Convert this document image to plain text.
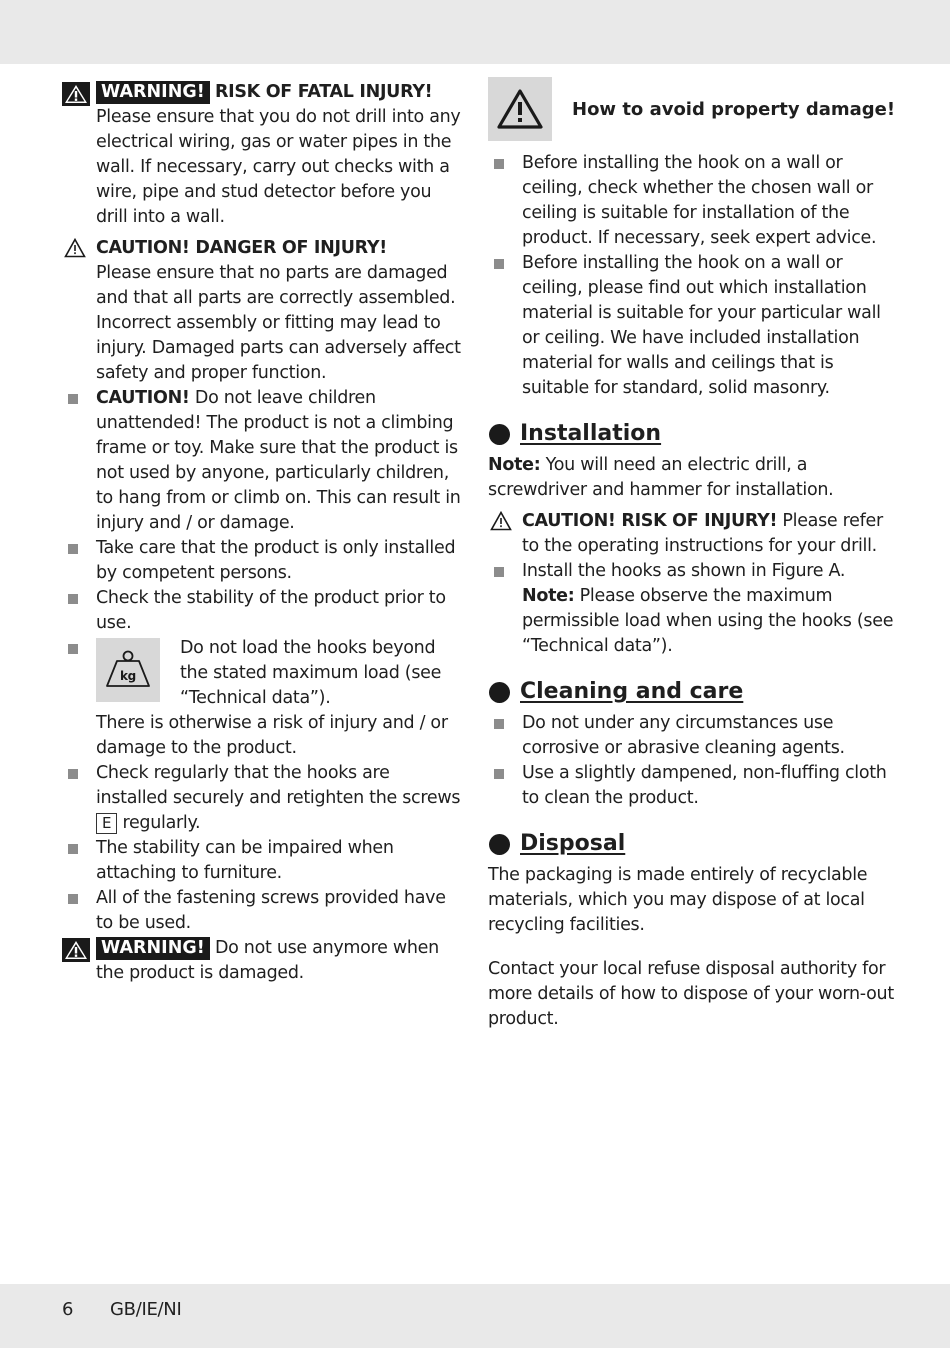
WARNING! RISK OF FATAL INJURY!
Please ensure that you do not drill into any electrical wiring, gas or water pipes in the wall. If necessary, carry out checks with a wire, pipe and stud detector before you drill into a wall.
CAUTION! DANGER OF INJURY!
Please ensure that no parts are damaged and that all parts are correctly assembled. Incorrect assembly or fitting may lead to injury. Damaged parts can adversely affect safety and proper function.
CAUTION! Do not leave children unattended! The product is not a climbing frame or toy. Make sure that the product is not used by anyone, particularly children, to hang from or climb on. This can result in injury and / or damage.
Take care that the product is only installed by competent persons.
Check the stability of the product prior to use.
kg
Do not load the hooks beyond the stated maximum load (see “Technical data”).
There is otherwise a risk of injury and / or damage to the product.
Check regularly that the hooks are installed securely and retighten the screws E regularly.
The stability can be impaired when attaching to furniture.
All of the fastening screws provided have to be used.
WARNING! Do not use anymore when the product is damaged.
How to avoid property damage!
Before installing the hook on a wall or ceiling, check whether the chosen wall or ceiling is suitable for installation of the product. If necessary, seek expert advice.
Before installing the hook on a wall or ceiling, please find out which installation material is suitable for your particular wall or ceiling. We have included installation material for walls and ceilings that is suitable for standard, solid masonry.
Installation
Note: You will need an electric drill, a screwdriver and hammer for installation.
CAUTION! RISK OF INJURY! Please refer to the operating instructions for your drill.
Install the hooks as shown in Figure A.
Note: Please observe the maximum permissible load when using the hooks (see “Technical data”).
Cleaning and care
Do not under any circumstances use corrosive or abrasive cleaning agents.
Use a slightly dampened, non-fluffing cloth to clean the product.
Disposal
The packaging is made entirely of recyclable materials, which you may dispose of at local recycling facilities.
Contact your local refuse disposal authority for more details of how to dispose of your worn-out product.
6 GB/IE/NI
